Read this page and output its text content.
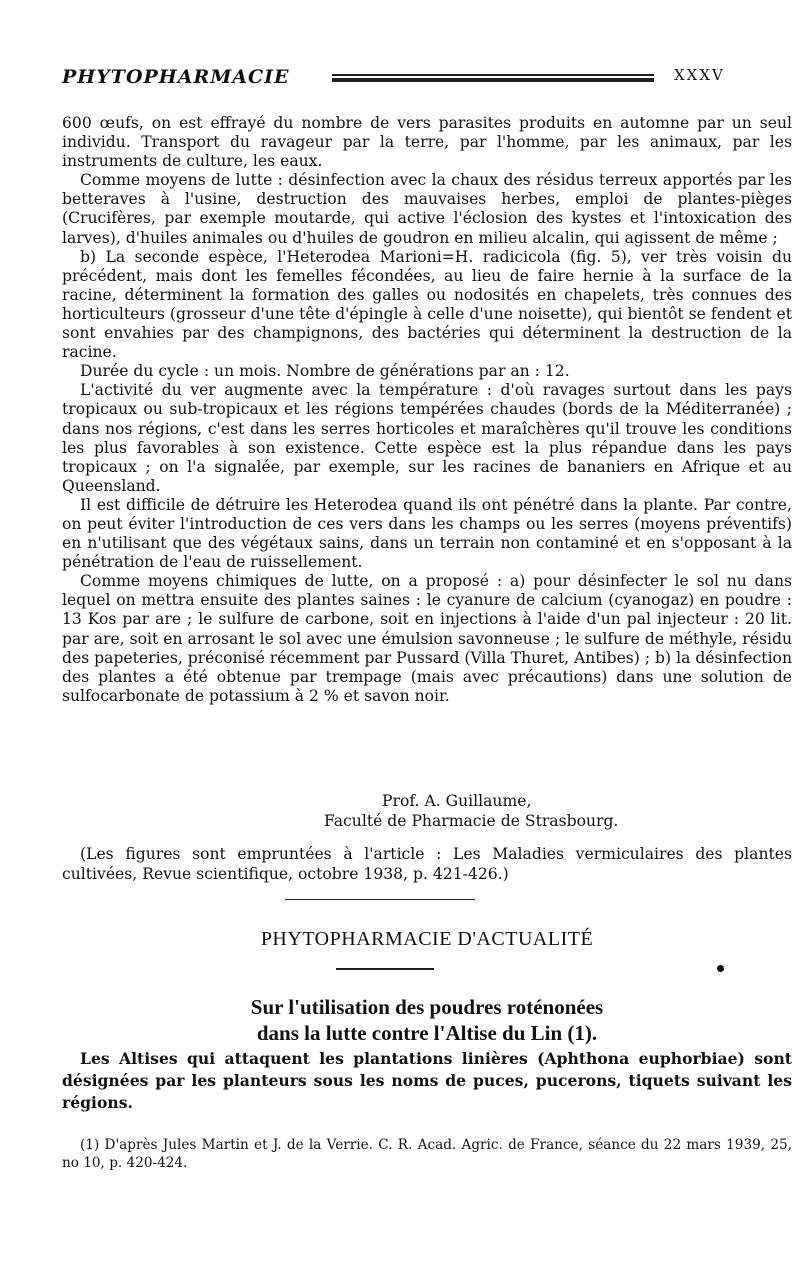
PHYTOPHARMACIE	XXXV

600 œufs, on est effrayé du nombre de vers parasites produits en automne par un seul individu. Transport du ravageur par la terre, par l'homme, par les animaux, par les instruments de culture, les eaux.

Comme moyens de lutte : désinfection avec la chaux des résidus terreux apportés par les betteraves à l'usine, destruction des mauvaises herbes, emploi de plantes-pièges (Crucifères, par exemple moutarde, qui active l'éclosion des kystes et l'intoxication des larves), d'huiles animales ou d'huiles de goudron en milieu alcalin, qui agissent de même ;

b) La seconde espèce, l'Heterodea Marioni=H. radicicola (fig. 5), ver très voisin du précédent, mais dont les femelles fécondées, au lieu de faire hernie à la surface de la racine, déterminent la formation des galles ou nodosités en chapelets, très connues des horticulteurs (grosseur d'une tête d'épingle à celle d'une noisette), qui bientôt se fendent et sont envahies par des champignons, des bactéries qui déterminent la destruction de la racine.

Durée du cycle : un mois. Nombre de générations par an : 12.

L'activité du ver augmente avec la température : d'où ravages surtout dans les pays tropicaux ou sub-tropicaux et les régions tempérées chaudes (bords de la Méditerranée) ; dans nos régions, c'est dans les serres horticoles et maraîchères qu'il trouve les conditions les plus favorables à son existence. Cette espèce est la plus répandue dans les pays tropicaux ; on l'a signalée, par exemple, sur les racines de bananiers en Afrique et au Queensland.

Il est difficile de détruire les Heterodea quand ils ont pénétré dans la plante. Par contre, on peut éviter l'introduction de ces vers dans les champs ou les serres (moyens préventifs) en n'utilisant que des végétaux sains, dans un terrain non contaminé et en s'opposant à la pénétration de l'eau de ruissellement.

Comme moyens chimiques de lutte, on a proposé : a) pour désinfecter le sol nu dans lequel on mettra ensuite des plantes saines : le cyanure de calcium (cyanogaz) en poudre : 13 Kos par are ; le sulfure de carbone, soit en injections à l'aide d'un pal injecteur : 20 lit. par are, soit en arrosant le sol avec une émulsion savonneuse ; le sulfure de méthyle, résidu des papeteries, préconisé récemment par Pussard (Villa Thuret, Antibes) ; b) la désinfection des plantes a été obtenue par trempage (mais avec précautions) dans une solution de sulfocarbonate de potassium à 2 % et savon noir.

Prof. A. Guillaume,
Faculté de Pharmacie de Strasbourg.

(Les figures sont empruntées à l'article : Les Maladies vermiculaires des plantes cultivées, Revue scientifique, octobre 1938, p. 421-426.)

PHYTOPHARMACIE D'ACTUALITÉ
Sur l'utilisation des poudres roténonées
dans la lutte contre l'Altise du Lin (1).

Les Altises qui attaquent les plantations linières (Aphthona euphorbiae) sont désignées par les planteurs sous les noms de puces, pucerons, tiquets suivant les régions.

(1) D'après Jules Martin et J. de la Verrie. C. R. Acad. Agric. de France, séance du 22 mars 1939, 25, no 10, p. 420-424.
